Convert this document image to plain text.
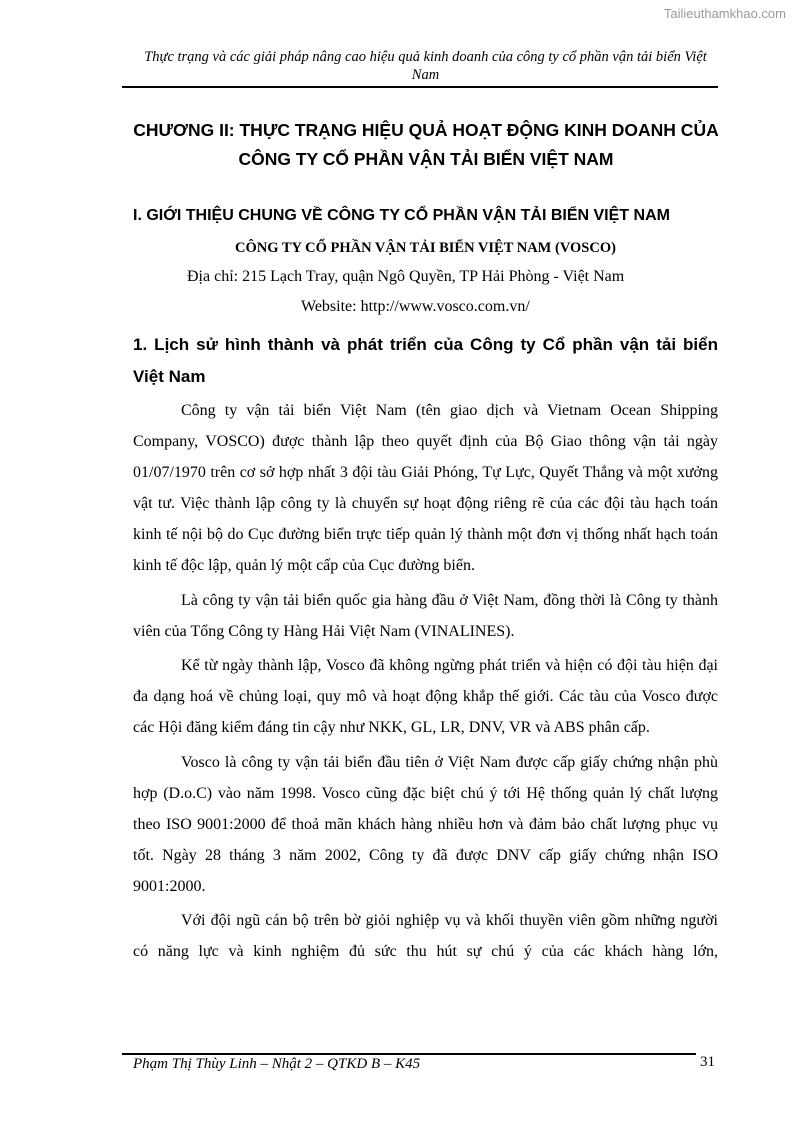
Tailieuthamkhao.com
Thực trạng và các giải pháp nâng cao hiệu quả kinh doanh của công ty cổ phần vận tải biển Việt Nam
CHƯƠNG II: THỰC TRẠNG HIỆU QUẢ HOẠT ĐỘNG KINH DOANH CỦA CÔNG TY CỔ PHẦN VẬN TẢI BIỂN VIỆT NAM
I. GIỚI THIỆU CHUNG VỀ CÔNG TY CỔ PHẦN VẬN TẢI BIỂN VIỆT NAM
CÔNG TY CỔ PHẦN VẬN TẢI BIỂN VIỆT NAM (VOSCO)
Địa chỉ: 215 Lạch Tray, quận Ngô Quyền, TP Hải Phòng - Việt Nam
Website: http://www.vosco.com.vn/
1. Lịch sử hình thành và phát triển của Công ty Cổ phần vận tải biển Việt Nam

Công ty vận tải biển Việt Nam (tên giao dịch và Vietnam Ocean Shipping Company, VOSCO) được thành lập theo quyết định của Bộ Giao thông vận tải ngày 01/07/1970 trên cơ sở hợp nhất 3 đội tàu Giải Phóng, Tự Lực, Quyết Thắng và một xưởng vật tư. Việc thành lập công ty là chuyển sự hoạt động riêng rẽ của các đội tàu hạch toán kinh tế nội bộ do Cục đường biển trực tiếp quản lý thành một đơn vị thống nhất hạch toán kinh tế độc lập, quản lý một cấp của Cục đường biển.

Là công ty vận tải biển quốc gia hàng đầu ở Việt Nam, đồng thời là Công ty thành viên của Tổng Công ty Hàng Hải Việt Nam (VINALINES).

Kể từ ngày thành lập, Vosco đã không ngừng phát triển và hiện có đội tàu hiện đại đa dạng hoá về chủng loại, quy mô và hoạt động khắp thế giới. Các tàu của Vosco được các Hội đăng kiểm đáng tin cậy như NKK, GL, LR, DNV, VR và ABS phân cấp.

Vosco là công ty vận tải biển đầu tiên ở Việt Nam được cấp giấy chứng nhận phù hợp (D.o.C) vào năm 1998. Vosco cũng đặc biệt chú ý tới Hệ thống quản lý chất lượng theo ISO 9001:2000 để thoả mãn khách hàng nhiều hơn và đảm bảo chất lượng phục vụ tốt. Ngày 28 tháng 3 năm 2002, Công ty đã được DNV cấp giấy chứng nhận ISO 9001:2000.

Với đội ngũ cán bộ trên bờ giỏi nghiệp vụ và khối thuyền viên gồm những người có năng lực và kinh nghiệm đủ sức thu hút sự chú ý của các khách hàng lớn,

Phạm Thị Thùy Linh – Nhật 2 – QTKD B – K45	31
